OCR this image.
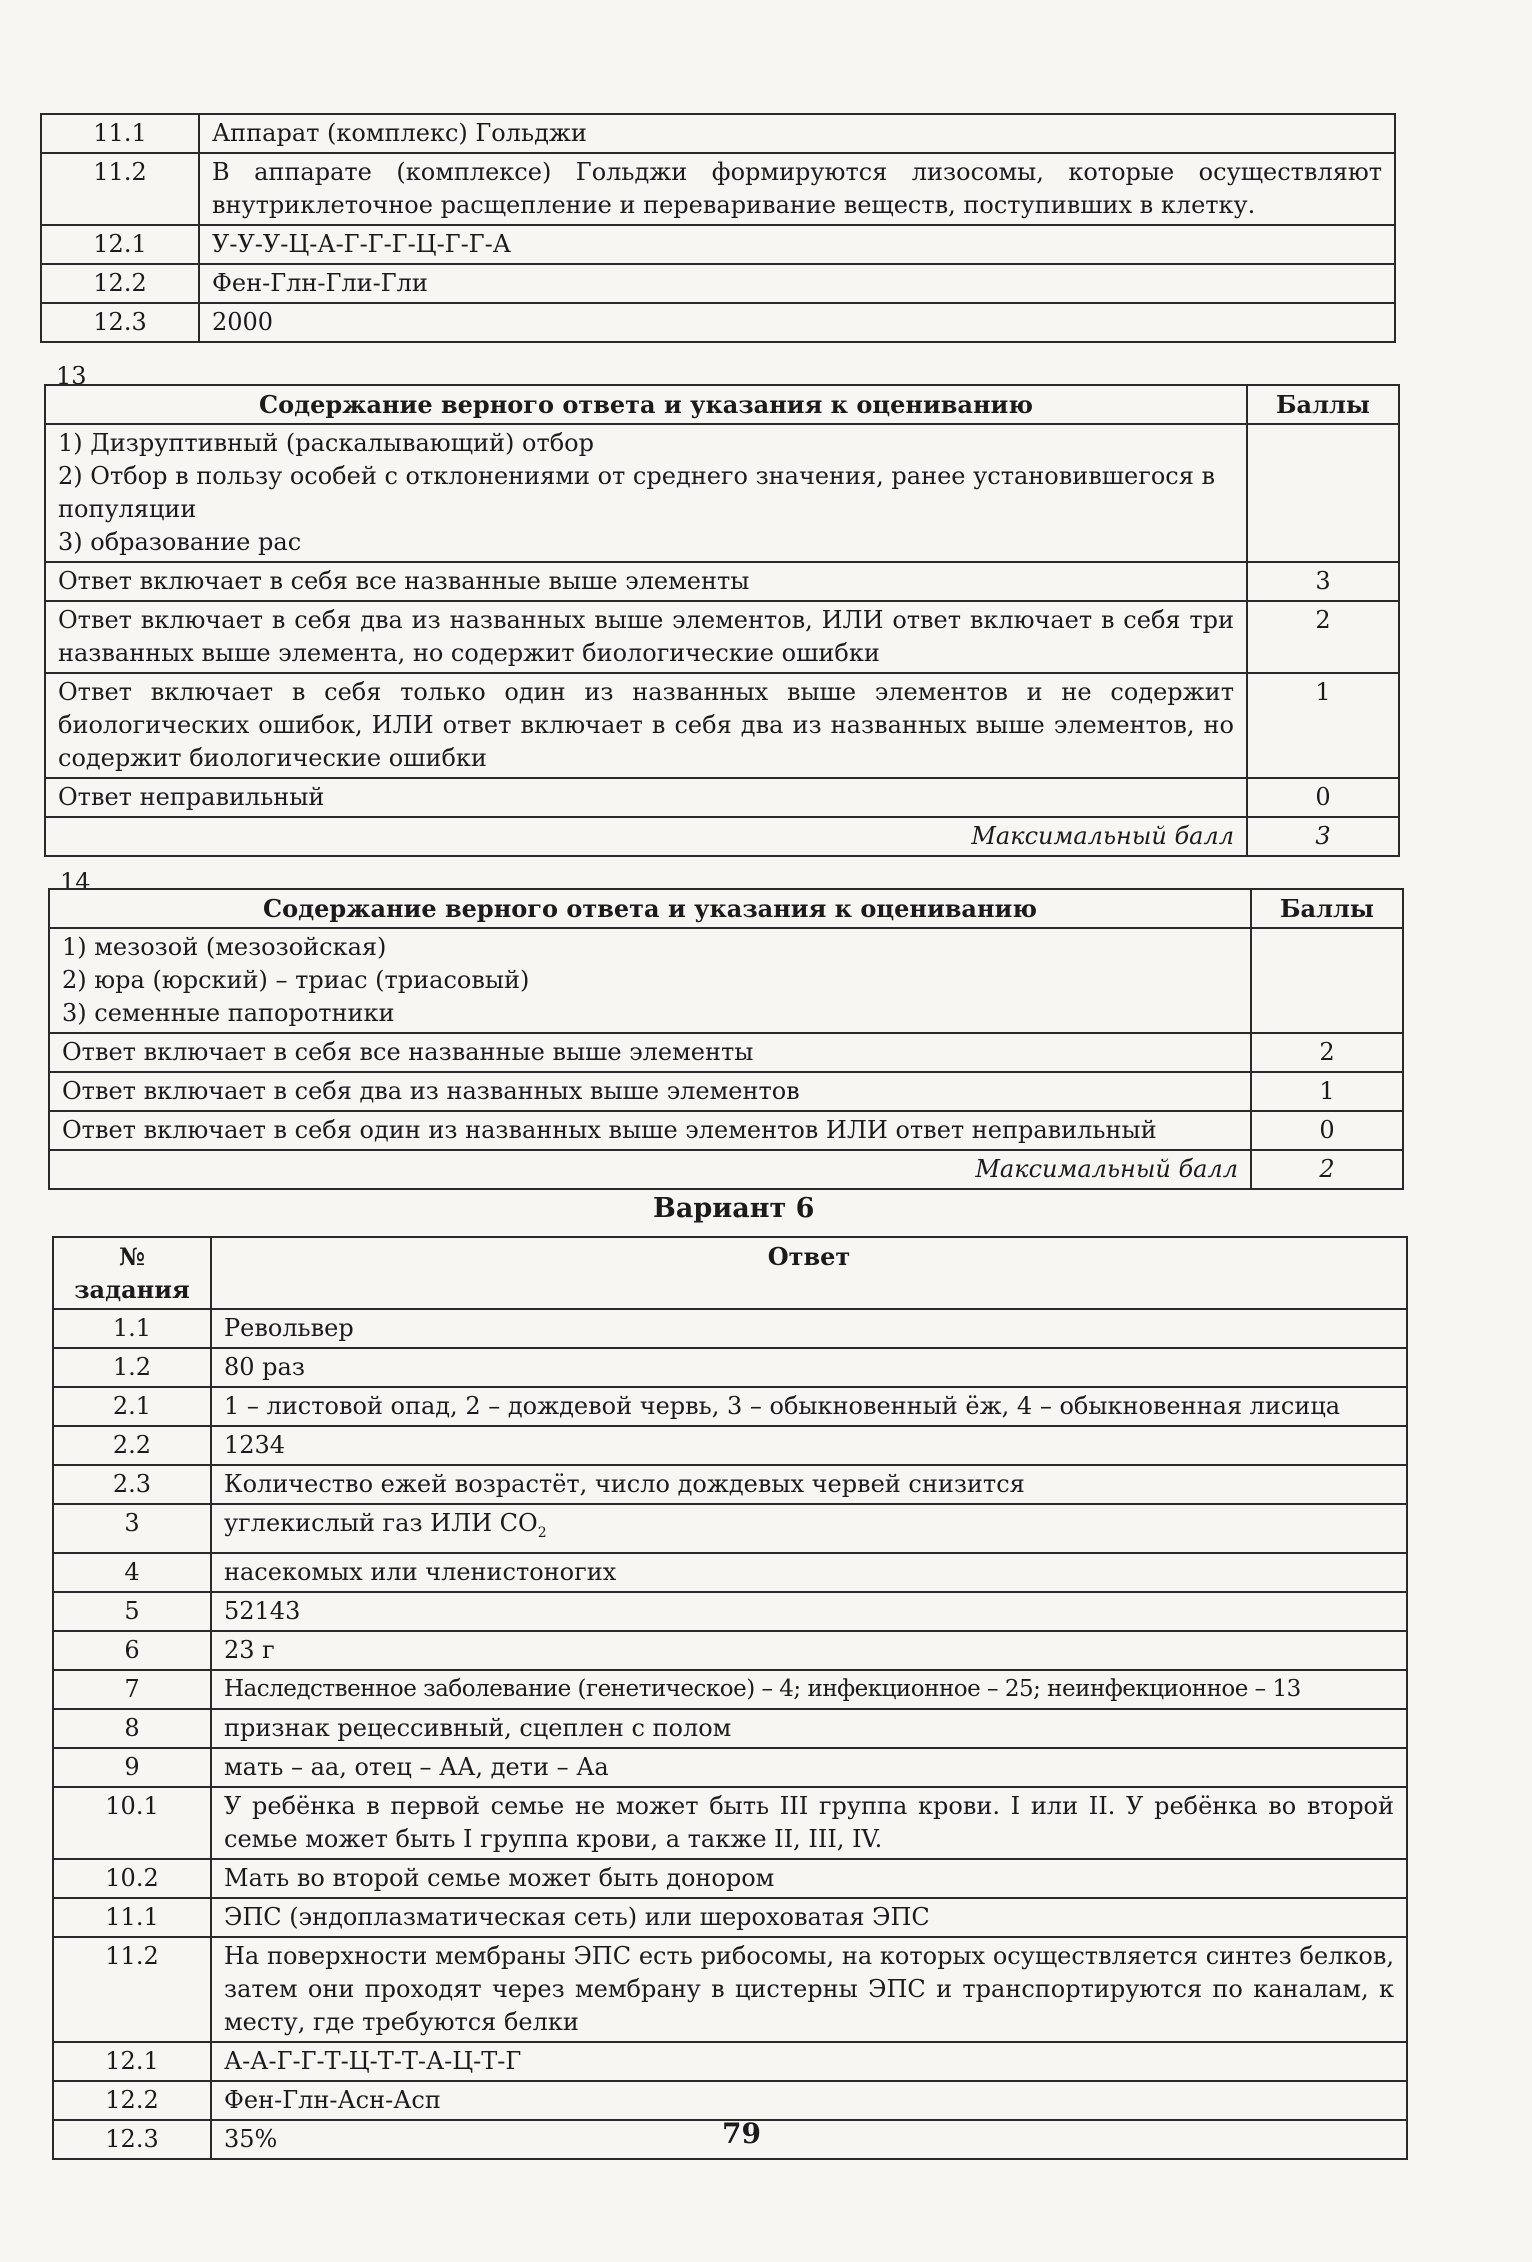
11.1	Аппарат (комплекс) Гольджи
11.2	В аппарате (комплексе) Гольджи формируются лизосомы, которые осуществляют внутриклеточное расщепление и переваривание веществ, поступивших в клетку.
12.1	У-У-У-Ц-А-Г-Г-Г-Ц-Г-Г-А
12.2	Фен-Глн-Гли-Гли
12.3	2000
13
Содержание верного ответа и указания к оцениванию	Баллы

1) Дизруптивный (раскалывающий) отбор
2) Отбор в пользу особей с отклонениями от среднего значения, ранее установившегося в популяции
3) образование рас	

Ответ включает в себя все названные выше элементы	3
Ответ включает в себя два из названных выше элементов, ИЛИ ответ включает в себя три названных выше элемента, но содержит биологические ошибки	2
Ответ включает в себя только один из названных выше элементов и не содержит биологических ошибок, ИЛИ ответ включает в себя два из названных выше элементов, но содержит биологические ошибки	1
Ответ неправильный	0
Максимальный балл	3
14
Содержание верного ответа и указания к оцениванию	Баллы

1) мезозой (мезозойская)
2) юра (юрский) – триас (триасовый)
3) семенные папоротники	

Ответ включает в себя все названные выше элементы	2
Ответ включает в себя два из названных выше элементов	1
Ответ включает в себя один из названных выше элементов ИЛИ ответ неправильный	0
Максимальный балл	2
Вариант 6
№ задания	Ответ
1.1	Револьвер
1.2	80 раз
2.1	1 – листовой опад, 2 – дождевой червь, 3 – обыкновенный ёж, 4 – обыкновенная лисица
2.2	1234
2.3	Количество ежей возрастёт, число дождевых червей снизится
3	углекислый газ ИЛИ $CO_2$
4	насекомых или членистоногих
5	52143
6	23 г
7	Наследственное заболевание (генетическое) – 4; инфекционное – 25; неинфекционное – 13
8	признак рецессивный, сцеплен с полом
9	мать – аа, отец – АА, дети – Аа
10.1	У ребёнка в первой семье не может быть III группа крови. I или II. У ребёнка во второй семье может быть I группа крови, а также II, III, IV.
10.2	Мать во второй семье может быть донором
11.1	ЭПС (эндоплазматическая сеть) или шероховатая ЭПС
11.2	На поверхности мембраны ЭПС есть рибосомы, на которых осуществляется синтез белков, затем они проходят через мембрану в цистерны ЭПС и транспортируются по каналам, к месту, где требуются белки
12.1	А-А-Г-Г-Т-Ц-Т-Т-А-Ц-Т-Г
12.2	Фен-Глн-Асн-Асп
12.3	35%	79
